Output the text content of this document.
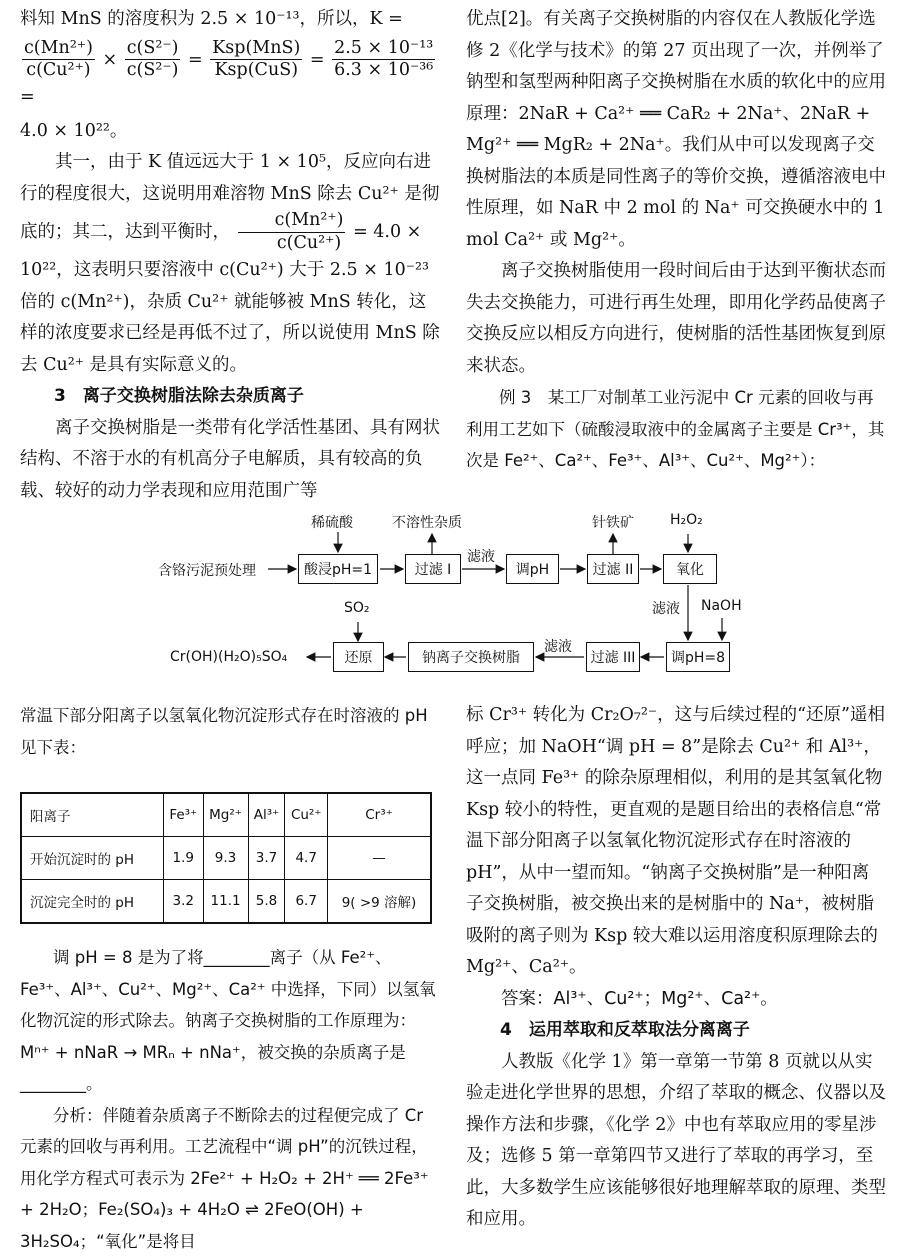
料知 MnS 的溶度积为 2.5 × 10⁻¹³，所以，K =

$\frac{\text{c(Mn²⁺)}}{\text{c(Cu²⁺)}} \times \frac{\text{c(S²⁻)}}{\text{c(S²⁻)}} = \frac{\text{Ksp(MnS)}}{\text{Ksp(CuS)}} = \frac{\text{2.5 × 10⁻¹³}}{\text{6.3 × 10⁻³⁶}}$
=

4.0 × 10²²。

其一，由于 K 值远远大于 1 × 10⁵，反应向右进行的程度很大，这说明用难溶物 MnS 除去 Cu²⁺ 是彻底的；其二，达到平衡时， $\frac{\text{c(Mn²⁺)}}{\text{c(Cu²⁺)}} = 4.0 \times 10^{22}$，这表明只要溶液中 c(Cu²⁺) 大于 2.5 × 10⁻²³ 倍的 c(Mn²⁺)，杂质 Cu²⁺ 就能够被 MnS 转化，这样的浓度要求已经是再低不过了，所以说使用 MnS 除去 Cu²⁺ 是具有实际意义的。

3　离子交换树脂法除去杂质离子

离子交换树脂是一类带有化学活性基团、具有网状结构、不溶于水的有机高分子电解质，具有较高的负载、较好的动力学表现和应用范围广等

优点[2]。有关离子交换树脂的内容仅在人教版化学选修 2《化学与技术》的第 27 页出现了一次，并例举了钠型和氢型两种阳离子交换树脂在水质的软化中的应用原理：2NaR + Ca²⁺ ══ CaR₂ + 2Na⁺、2NaR + Mg²⁺ ══ MgR₂ + 2Na⁺。我们从中可以发现离子交换树脂法的本质是同性离子的等价交换，遵循溶液电中性原理，如 NaR 中 2 mol 的 Na⁺ 可交换硬水中的 1 mol Ca²⁺ 或 Mg²⁺。

离子交换树脂使用一段时间后由于达到平衡状态而失去交换能力，可进行再生处理，即用化学药品使离子交换反应以相反方向进行，使树脂的活性基团恢复到原来状态。

例 3　某工厂对制革工业污泥中 Cr 元素的回收与再利用工艺如下（硫酸浸取液中的金属离子主要是 Cr³⁺，其次是 Fe²⁺、Ca²⁺、Fe³⁺、Al³⁺、Cu²⁺、Mg²⁺）：

含铬污泥预处理	酸浸pH=1	过滤 I	调pH	过滤 II	氧化
稀硫酸	不溶性杂质
滤液
针铁矿	H₂O₂
滤液 NaOH
滤液
SO₂
调pH=8
过滤 III
钠离子交换树脂
还原
Cr(OH)(H₂O)₅SO₄

常温下部分阳离子以氢氧化物沉淀形式存在时溶液的 pH 见下表：

阳离子	Fe³⁺	Mg²⁺	Al³⁺	Cu²⁺	Cr³⁺
开始沉淀时的 pH	1.9	9.3	3.7	4.7	—
沉淀完全时的 pH	3.2	11.1	5.8	6.7	9( >9 溶解)

调 pH = 8 是为了将________离子（从 Fe²⁺、Fe³⁺、Al³⁺、Cu²⁺、Mg²⁺、Ca²⁺ 中选择，下同）以氢氧化物沉淀的形式除去。钠离子交换树脂的工作原理为：Mⁿ⁺ + nNaR → MRₙ + nNa⁺，被交换的杂质离子是________。

分析：伴随着杂质离子不断除去的过程便完成了 Cr 元素的回收与再利用。工艺流程中“调 pH”的沉铁过程，用化学方程式可表示为 2Fe²⁺ + H₂O₂ + 2H⁺ ══ 2Fe³⁺ + 2H₂O；Fe₂(SO₄)₃ + 4H₂O ⇌ 2FeO(OH) + 3H₂SO₄；“氧化”是将目

标 Cr³⁺ 转化为 Cr₂O₇²⁻，这与后续过程的“还原”遥相呼应；加 NaOH“调 pH = 8”是除去 Cu²⁺ 和 Al³⁺，这一点同 Fe³⁺ 的除杂原理相似，利用的是其氢氧化物 Ksp 较小的特性，更直观的是题目给出的表格信息“常温下部分阳离子以氢氧化物沉淀形式存在时溶液的 pH”，从中一望而知。“钠离子交换树脂”是一种阳离子交换树脂，被交换出来的是树脂中的 Na⁺，被树脂吸附的离子则为 Ksp 较大难以运用溶度积原理除去的 Mg²⁺、Ca²⁺。

答案：Al³⁺、Cu²⁺；Mg²⁺、Ca²⁺。

4　运用萃取和反萃取法分离离子

人教版《化学 1》第一章第一节第 8 页就以从实验走进化学世界的思想，介绍了萃取的概念、仪器以及操作方法和步骤，《化学 2》中也有萃取应用的零星涉及；选修 5 第一章第四节又进行了萃取的再学习，至此，大多数学生应该能够很好地理解萃取的原理、类型和应用。
